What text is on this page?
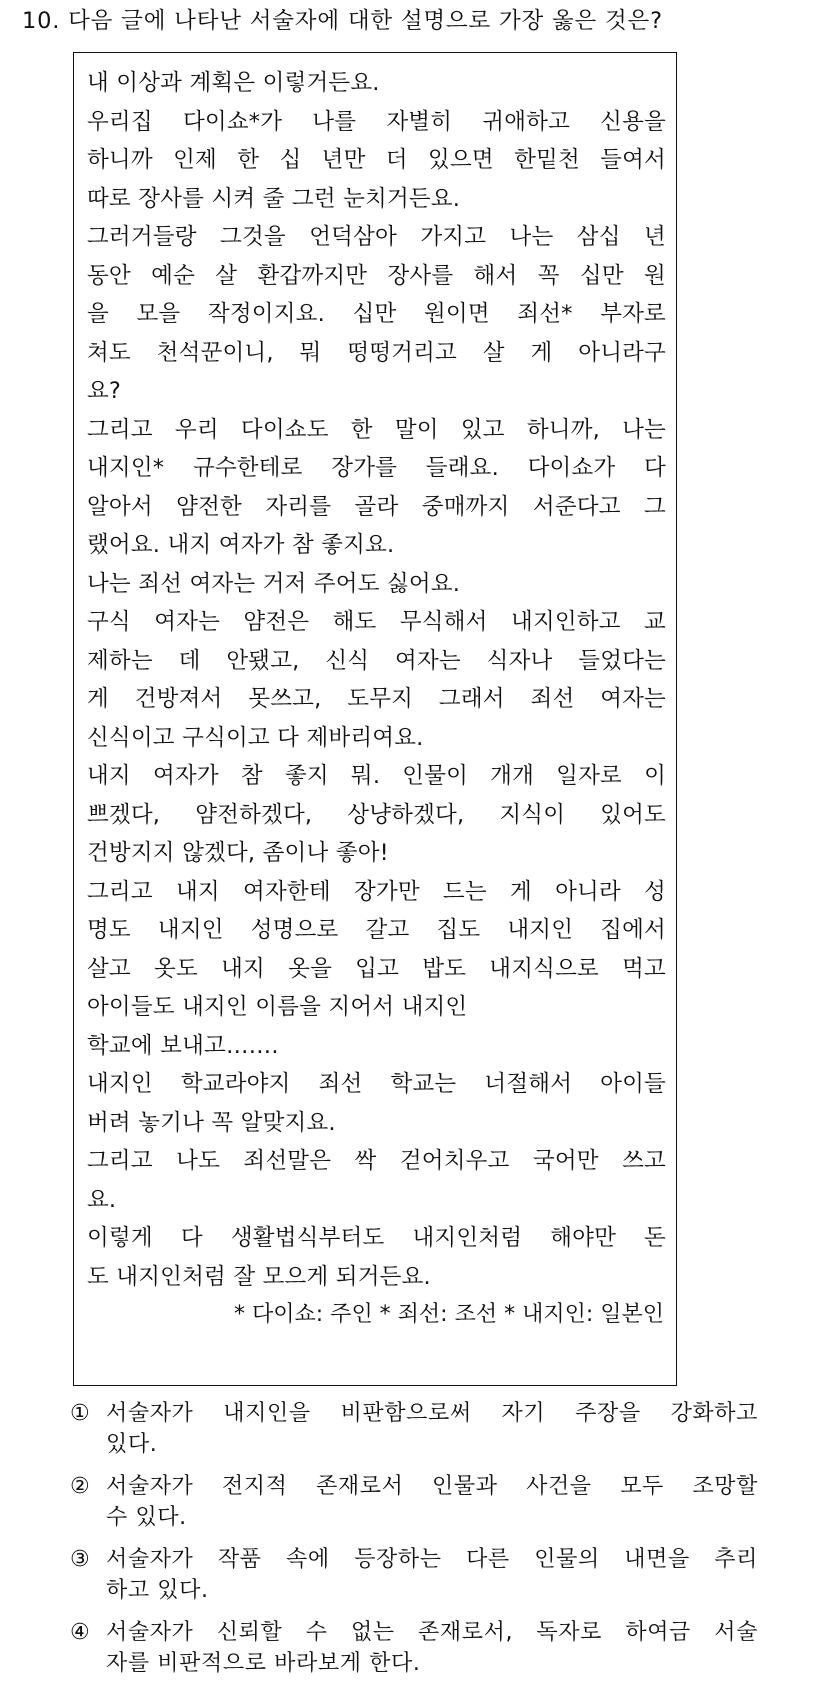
10. 다음 글에 나타난 서술자에 대한 설명으로 가장 옳은 것은?
내 이상과 계획은 이렇거든요.
우리집 다이쇼*가 나를 자별히 귀애하고 신용을
하니까 인제 한 십 년만 더 있으면 한밑천 들여서
따로 장사를 시켜 줄 그런 눈치거든요.
그러거들랑 그것을 언덕삼아 가지고 나는 삼십 년
동안 예순 살 환갑까지만 장사를 해서 꼭 십만 원
을 모을 작정이지요. 십만 원이면 죄선* 부자로
쳐도 천석꾼이니, 뭐 떵떵거리고 살 게 아니라구
요?
그리고 우리 다이쇼도 한 말이 있고 하니까, 나는
내지인* 규수한테로 장가를 들래요. 다이쇼가 다
알아서 얌전한 자리를 골라 중매까지 서준다고 그
랬어요. 내지 여자가 참 좋지요.
나는 죄선 여자는 거저 주어도 싫어요.
구식 여자는 얌전은 해도 무식해서 내지인하고 교
제하는 데 안됐고, 신식 여자는 식자나 들었다는
게 건방져서 못쓰고, 도무지 그래서 죄선 여자는
신식이고 구식이고 다 제바리여요.
내지 여자가 참 좋지 뭐. 인물이 개개 일자로 이
쁘겠다, 얌전하겠다, 상냥하겠다, 지식이 있어도
건방지지 않겠다, 좀이나 좋아!
그리고 내지 여자한테 장가만 드는 게 아니라 성
명도 내지인 성명으로 갈고 집도 내지인 집에서
살고 옷도 내지 옷을 입고 밥도 내지식으로 먹고
아이들도 내지인 이름을 지어서 내지인
학교에 보내고…….
내지인 학교라야지 죄선 학교는 너절해서 아이들
버려 놓기나 꼭 알맞지요.
그리고 나도 죄선말은 싹 걷어치우고 국어만 쓰고
요.
이렇게 다 생활법식부터도 내지인처럼 해야만 돈
도 내지인처럼 잘 모으게 되거든요.
* 다이쇼: 주인 * 죄선: 조선 * 내지인: 일본인
① 서술자가 내지인을 비판함으로써 자기 주장을 강화하고
있다.
② 서술자가 전지적 존재로서 인물과 사건을 모두 조망할
수 있다.
③ 서술자가 작품 속에 등장하는 다른 인물의 내면을 추리
하고 있다.
④ 서술자가 신뢰할 수 없는 존재로서, 독자로 하여금 서술
자를 비판적으로 바라보게 한다.
